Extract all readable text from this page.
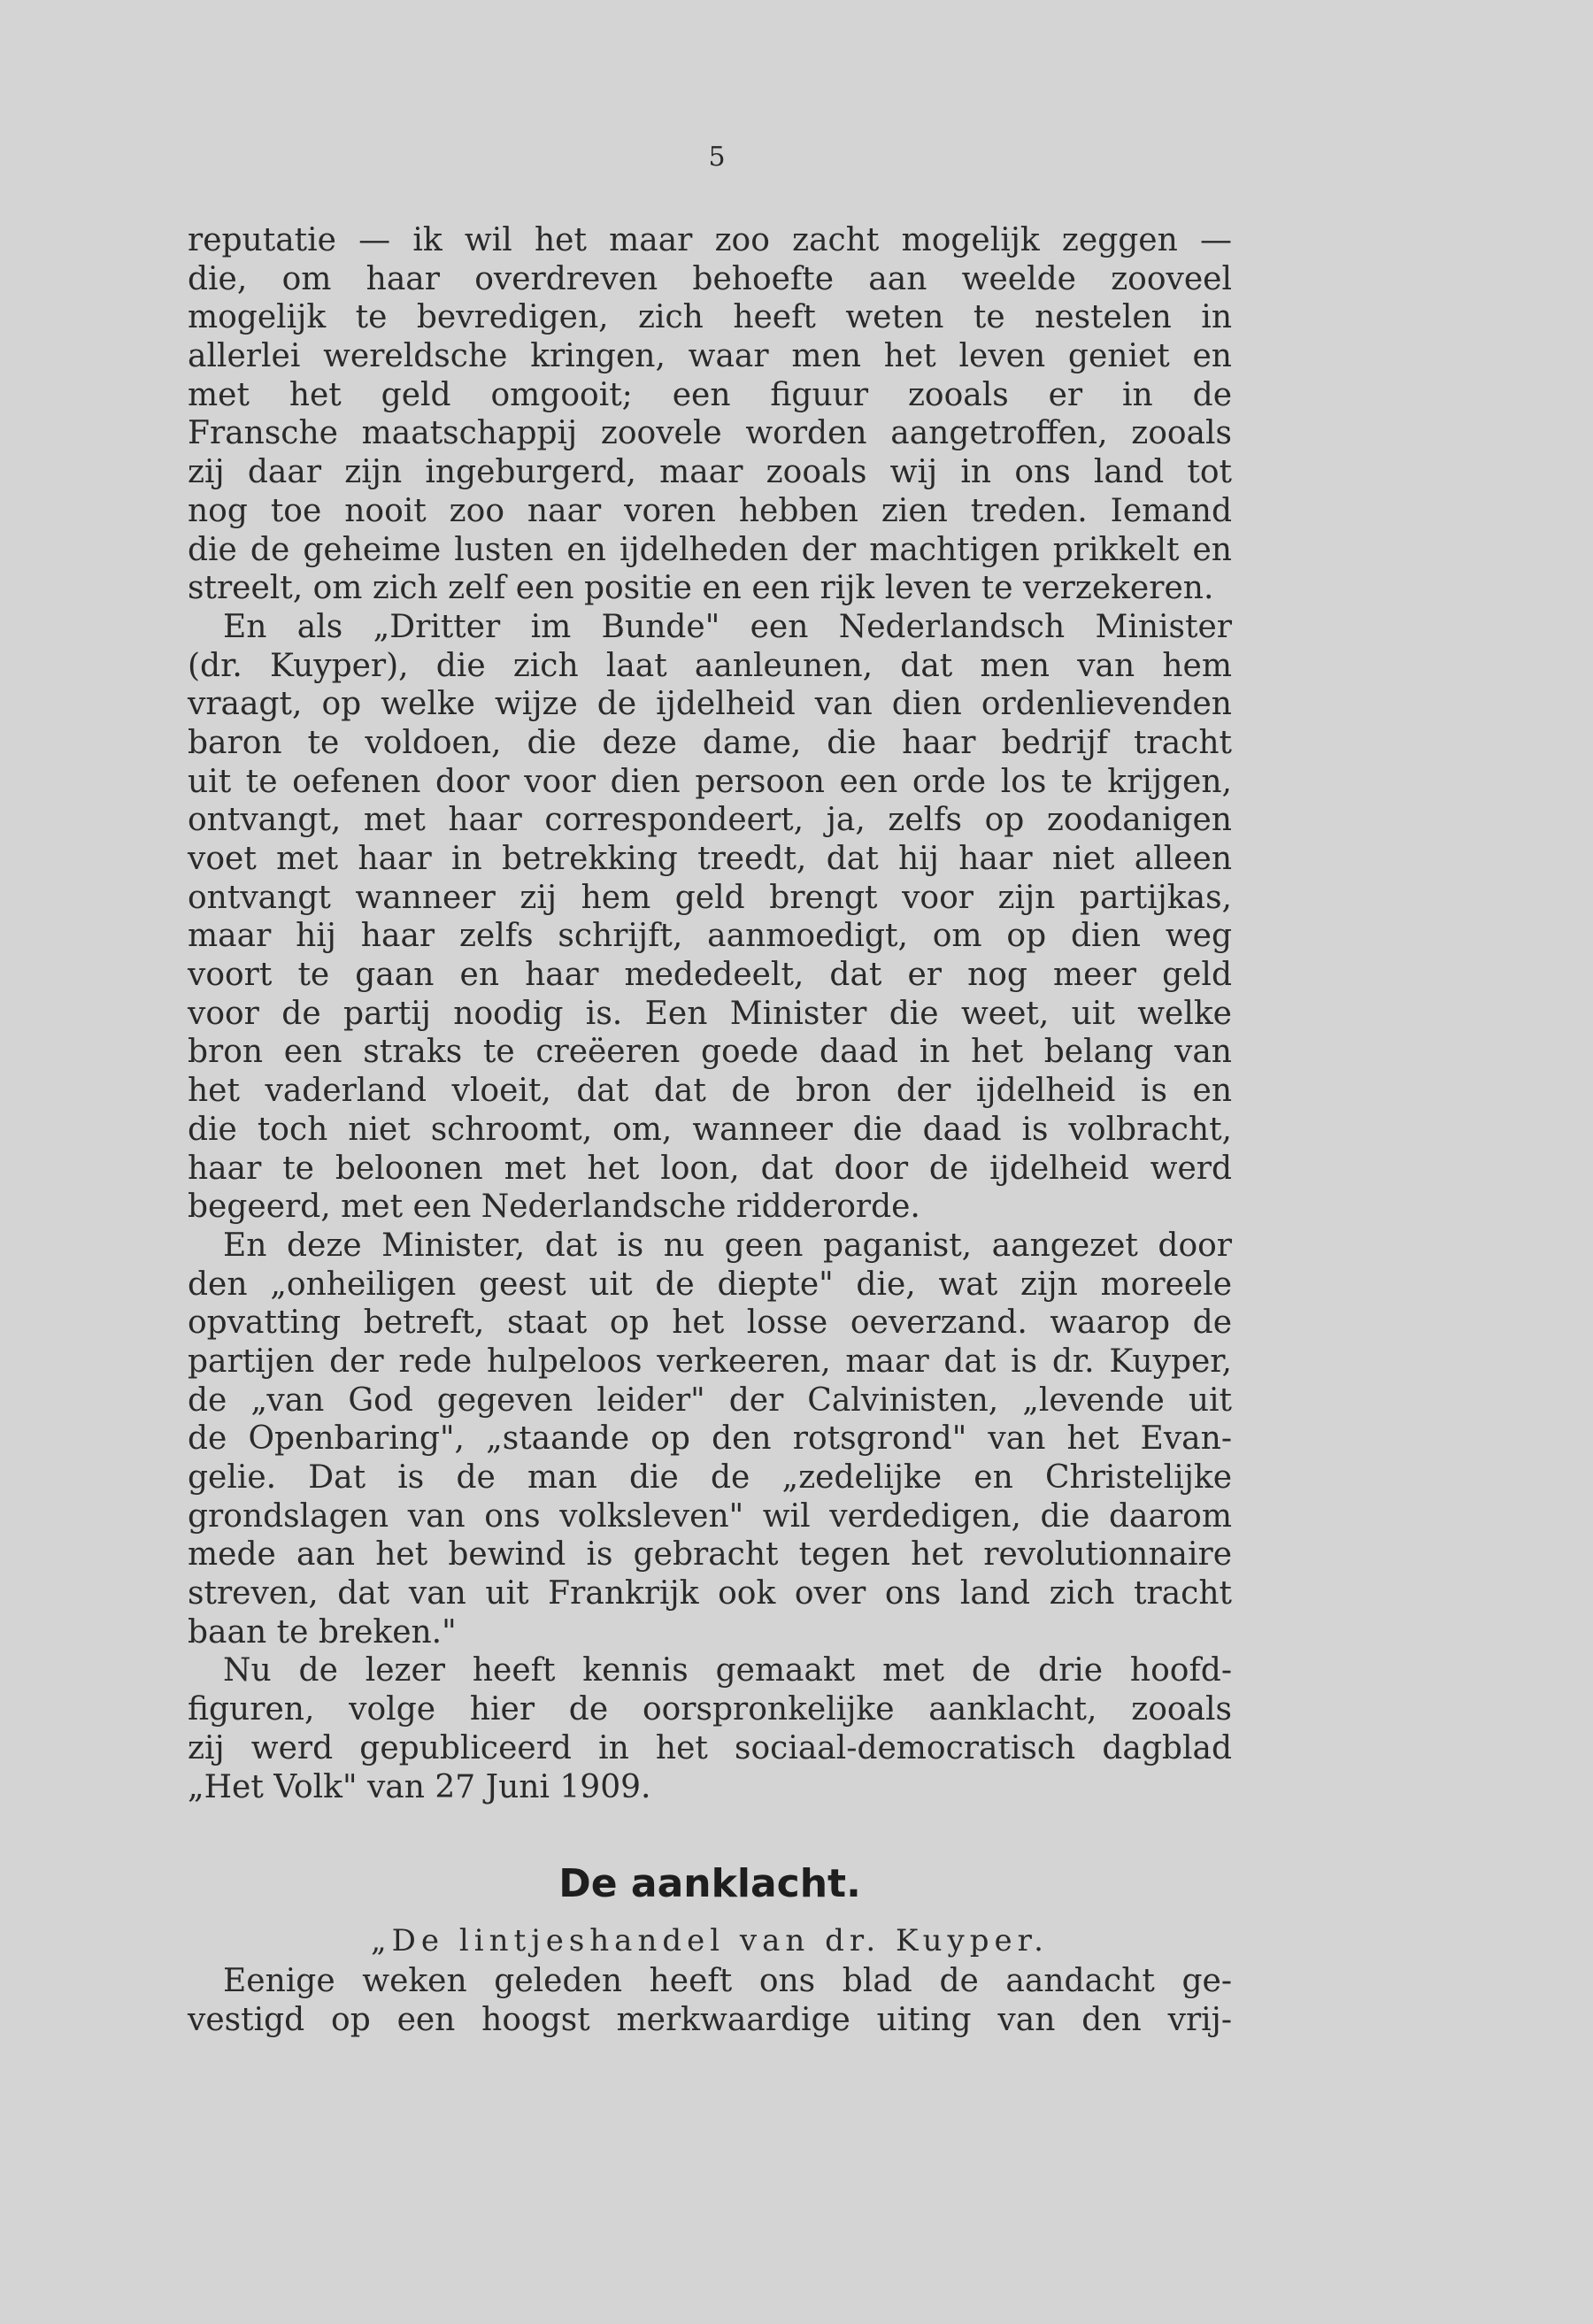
5
reputatie — ik wil het maar zoo zacht mogelijk zeggen —
die, om haar overdreven behoefte aan weelde zooveel
mogelijk te bevredigen, zich heeft weten te nestelen in
allerlei wereldsche kringen, waar men het leven geniet en
met het geld omgooit; een figuur zooals er in de
Fransche maatschappij zoovele worden aangetroffen, zooals
zij daar zijn ingeburgerd, maar zooals wij in ons land tot
nog toe nooit zoo naar voren hebben zien treden. Iemand
die de geheime lusten en ijdelheden der machtigen prikkelt en
streelt, om zich zelf een positie en een rijk leven te verzekeren.
En als „Dritter im Bunde" een Nederlandsch Minister
(dr. Kuyper), die zich laat aanleunen, dat men van hem
vraagt, op welke wijze de ijdelheid van dien ordenlievenden
baron te voldoen, die deze dame, die haar bedrijf tracht
uit te oefenen door voor dien persoon een orde los te krijgen,
ontvangt, met haar correspondeert, ja, zelfs op zoodanigen
voet met haar in betrekking treedt, dat hij haar niet alleen
ontvangt wanneer zij hem geld brengt voor zijn partijkas,
maar hij haar zelfs schrijft, aanmoedigt, om op dien weg
voort te gaan en haar mededeelt, dat er nog meer geld
voor de partij noodig is. Een Minister die weet, uit welke
bron een straks te creëeren goede daad in het belang van
het vaderland vloeit, dat dat de bron der ijdelheid is en
die toch niet schroomt, om, wanneer die daad is volbracht,
haar te beloonen met het loon, dat door de ijdelheid werd
begeerd, met een Nederlandsche ridderorde.
En deze Minister, dat is nu geen paganist, aangezet door
den „onheiligen geest uit de diepte" die, wat zijn moreele
opvatting betreft, staat op het losse oeverzand. waarop de
partijen der rede hulpeloos verkeeren, maar dat is dr. Kuyper,
de „van God gegeven leider" der Calvinisten, „levende uit
de Openbaring", „staande op den rotsgrond" van het Evan-
gelie. Dat is de man die de „zedelijke en Christelijke
grondslagen van ons volksleven" wil verdedigen, die daarom
mede aan het bewind is gebracht tegen het revolutionnaire
streven, dat van uit Frankrijk ook over ons land zich tracht
baan te breken."
Nu de lezer heeft kennis gemaakt met de drie hoofd-
figuren, volge hier de oorspronkelijke aanklacht, zooals
zij werd gepubliceerd in het sociaal-democratisch dagblad
„Het Volk" van 27 Juni 1909.
De aanklacht.
„De lintjeshandel van dr. Kuyper.
Eenige weken geleden heeft ons blad de aandacht ge-
vestigd op een hoogst merkwaardige uiting van den vrij-
